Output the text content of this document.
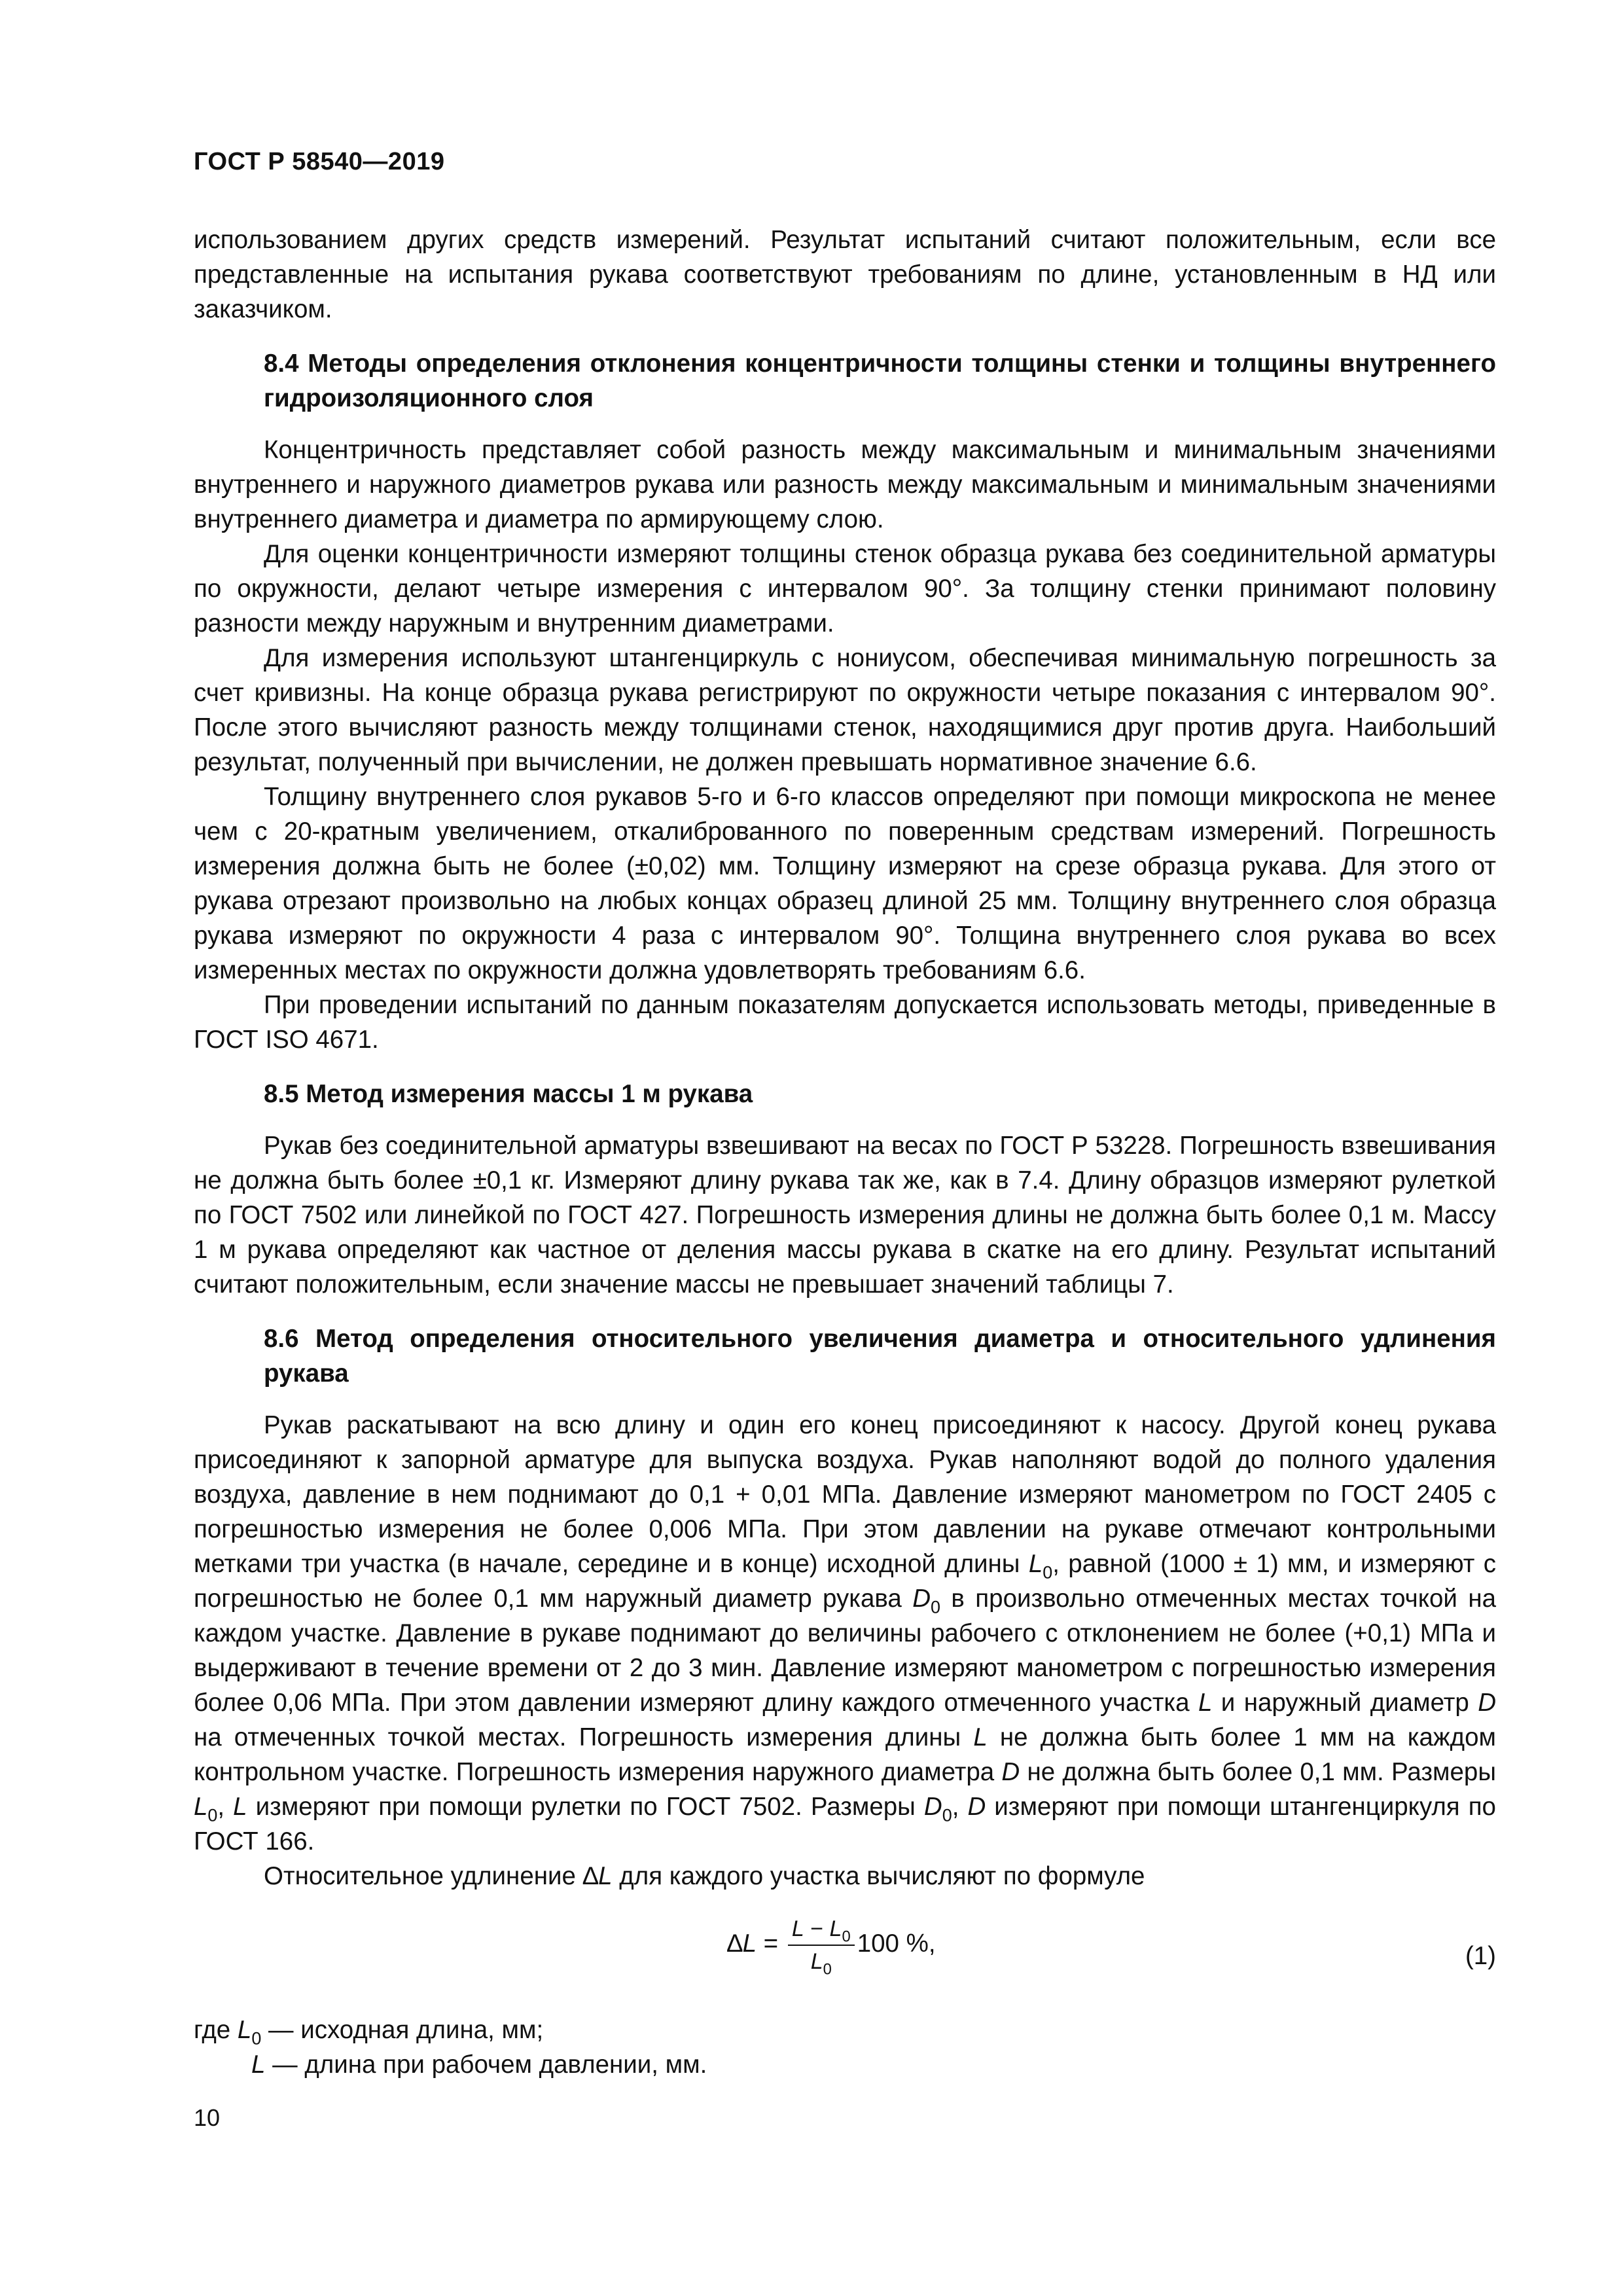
ГОСТ Р 58540—2019

использованием других средств измерений. Результат испытаний считают положительным, если все представленные на испытания рукава соответствуют требованиям по длине, установленным в НД или заказчиком.

8.4 Методы определения отклонения концентричности толщины стенки и толщины внутреннего гидроизоляционного слоя

Концентричность представляет собой разность между максимальным и минимальным значениями внутреннего и наружного диаметров рукава или разность между максимальным и минимальным значениями внутреннего диаметра и диаметра по армирующему слою.

Для оценки концентричности измеряют толщины стенок образца рукава без соединительной арматуры по окружности, делают четыре измерения с интервалом 90°. За толщину стенки принимают половину разности между наружным и внутренним диаметрами.

Для измерения используют штангенциркуль с нониусом, обеспечивая минимальную погрешность за счет кривизны. На конце образца рукава регистрируют по окружности четыре показания с интервалом 90°. После этого вычисляют разность между толщинами стенок, находящимися друг против друга. Наибольший результат, полученный при вычислении, не должен превышать нормативное значение 6.6.

Толщину внутреннего слоя рукавов 5-го и 6-го классов определяют при помощи микроскопа не менее чем с 20-кратным увеличением, откалиброванного по поверенным средствам измерений. Погрешность измерения должна быть не более (±0,02) мм. Толщину измеряют на срезе образца рукава. Для этого от рукава отрезают произвольно на любых концах образец длиной 25 мм. Толщину внутреннего слоя образца рукава измеряют по окружности 4 раза с интервалом 90°. Толщина внутреннего слоя рукава во всех измеренных местах по окружности должна удовлетворять требованиям 6.6.

При проведении испытаний по данным показателям допускается использовать методы, приведенные в ГОСТ ISO 4671.

8.5 Метод измерения массы 1 м рукава

Рукав без соединительной арматуры взвешивают на весах по ГОСТ Р 53228. Погрешность взвешивания не должна быть более ±0,1 кг. Измеряют длину рукава так же, как в 7.4. Длину образцов измеряют рулеткой по ГОСТ 7502 или линейкой по ГОСТ 427. Погрешность измерения длины не должна быть более 0,1 м. Массу 1 м рукава определяют как частное от деления массы рукава в скатке на его длину. Результат испытаний считают положительным, если значение массы не превышает значений таблицы 7.

8.6 Метод определения относительного увеличения диаметра и относительного удлинения рукава

Рукав раскатывают на всю длину и один его конец присоединяют к насосу. Другой конец рукава присоединяют к запорной арматуре для выпуска воздуха. Рукав наполняют водой до полного удаления воздуха, давление в нем поднимают до 0,1 + 0,01 МПа. Давление измеряют манометром по ГОСТ 2405 с погрешностью измерения не более 0,006 МПа. При этом давлении на рукаве отмечают контрольными метками три участка (в начале, середине и в конце) исходной длины $L_0$, равной (1000 ± 1) мм, и измеряют с погрешностью не более 0,1 мм наружный диаметр рукава $D_0$ в произвольно отмеченных местах точкой на каждом участке. Давление в рукаве поднимают до величины рабочего с отклонением не более (+0,1) МПа и выдерживают в течение времени от 2 до 3 мин. Давление измеряют манометром с погрешностью измерения более 0,06 МПа. При этом давлении измеряют длину каждого отмеченного участка L и наружный диаметр D на отмеченных точкой местах. Погрешность измерения длины L не должна быть более 1 мм на каждом контрольном участке. Погрешность измерения наружного диаметра D не должна быть более 0,1 мм. Размеры $L_0$, L измеряют при помощи рулетки по ГОСТ 7502. Размеры $D_0$, D измеряют при помощи штангенциркуля по ГОСТ 166.

Относительное удлинение ∆L для каждого участка вычисляют по формуле

$\Delta L = \frac{L - L_0}{L_0} 100$ %,	(1)
где $L_0$ — исходная длина, мм;
L — длина при рабочем давлении, мм.
10
